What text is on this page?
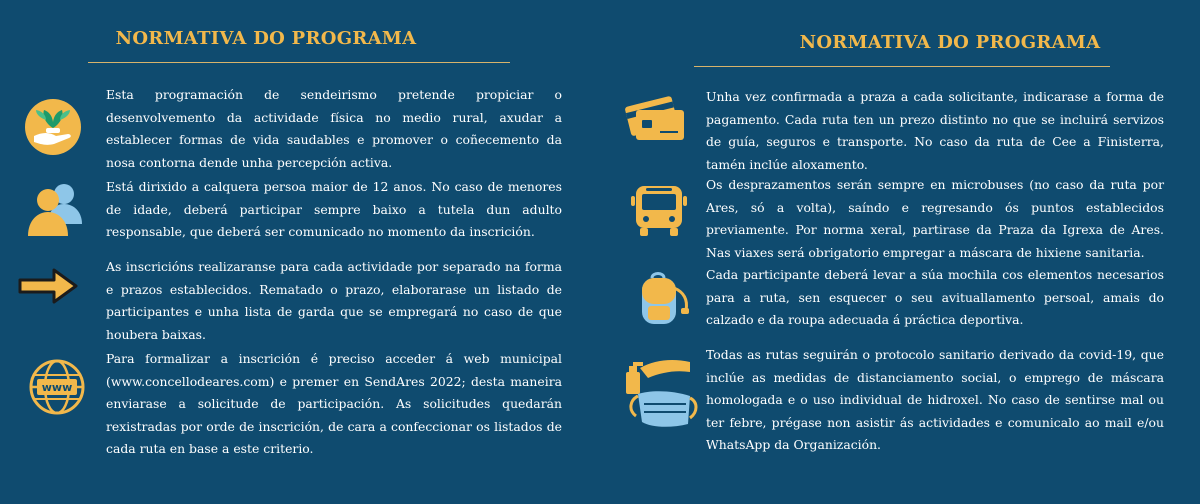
NORMATIVA DO PROGRAMA
Esta programación de sendeirismo pretende propiciar o desenvolvemento da actividade física no medio rural, axudar a establecer formas de vida saudables e promover o coñecemento da nosa contorna dende unha percepción activa.
Está dirixido a calquera persoa maior de 12 anos. No caso de menores de idade, deberá participar sempre baixo a tutela dun adulto responsable, que deberá ser comunicado no momento da inscrición.
As inscricións realizaranse para cada actividade por separado na forma e prazos establecidos. Rematado o prazo, elaborarase un listado de participantes e unha lista de garda que se empregará no caso de que houbera baixas.
www
Para formalizar a inscrición é preciso acceder á web municipal (www.concellodeares.com) e premer en SendAres 2022; desta maneira enviarase a solicitude de participación. As solicitudes quedarán rexistradas por orde de inscrición, de cara a confeccionar os listados de cada ruta en base a este criterio.
NORMATIVA DO PROGRAMA
Unha vez confirmada a praza a cada solicitante, indicarase a forma de pagamento. Cada ruta ten un prezo distinto no que se incluirá servizos de guía, seguros e transporte. No caso da ruta de Cee a Finisterra, tamén inclúe aloxamento.
Os desprazamentos serán sempre en microbuses (no caso da ruta por Ares, só a volta), saíndo e regresando ós puntos establecidos previamente. Por norma xeral, partirase da Praza da Igrexa de Ares. Nas viaxes será obrigatorio empregar a máscara de hixiene sanitaria.
Cada participante deberá levar a súa mochila cos elementos necesarios para a ruta, sen esquecer o seu avituallamento persoal, amais do calzado e da roupa adecuada á práctica deportiva.
Todas as rutas seguirán o protocolo sanitario derivado da covid-19, que inclúe as medidas de distanciamento social, o emprego de máscara homologada e o uso individual de hidroxel. No caso de sentirse mal ou ter febre, prégase non asistir ás actividades e comunicalo ao mail e/ou WhatsApp da Organización.
